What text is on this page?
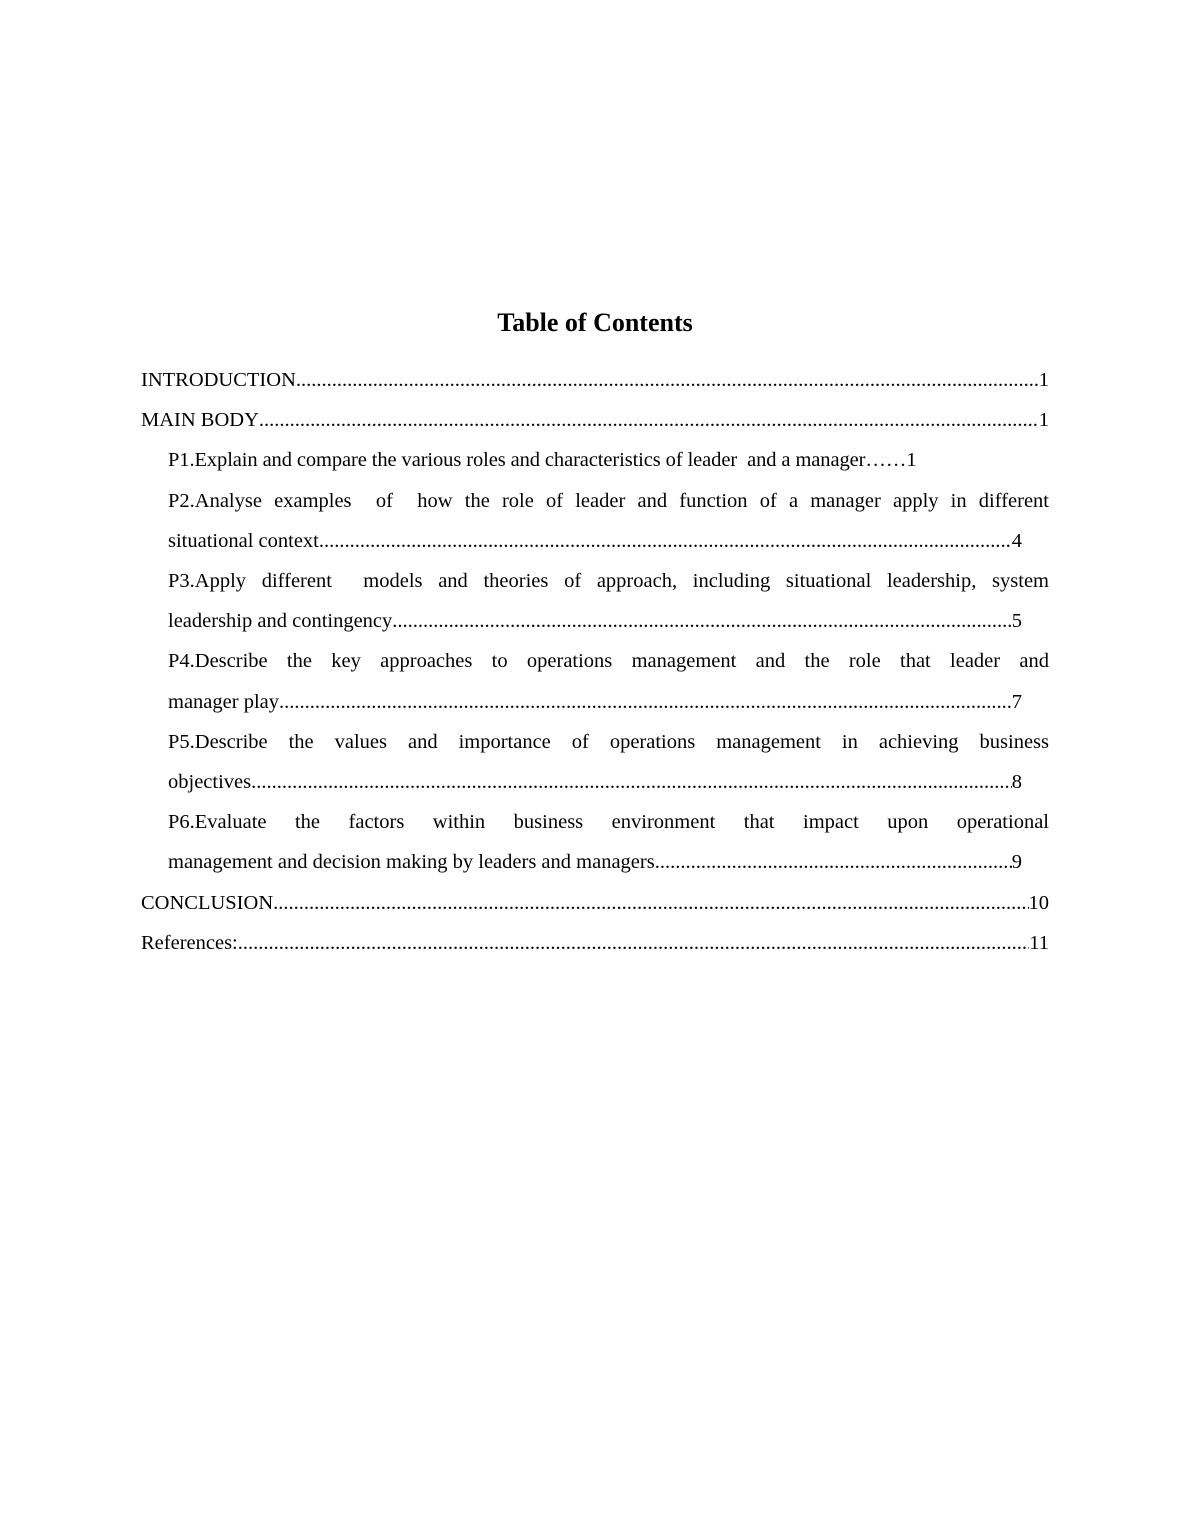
Table of Contents
INTRODUCTION .....	1
MAIN BODY .....	1
P1.Explain and compare the various roles and characteristics of leader  and a manager …… 1
P2.Analyse examples  of  how the role of leader and function of a manager apply in different
situational context .....	4
P3.Apply different  models and theories of approach, including situational leadership, system
leadership and contingency .....	5
P4.Describe the key approaches to operations management and the role that leader and
manager play .....	7
P5.Describe the values and importance of operations management in achieving business
objectives .....	8
P6.Evaluate the factors within business environment that impact upon operational
management and decision making by leaders and managers .....	9
CONCLUSION .....	10
References: .....	11
